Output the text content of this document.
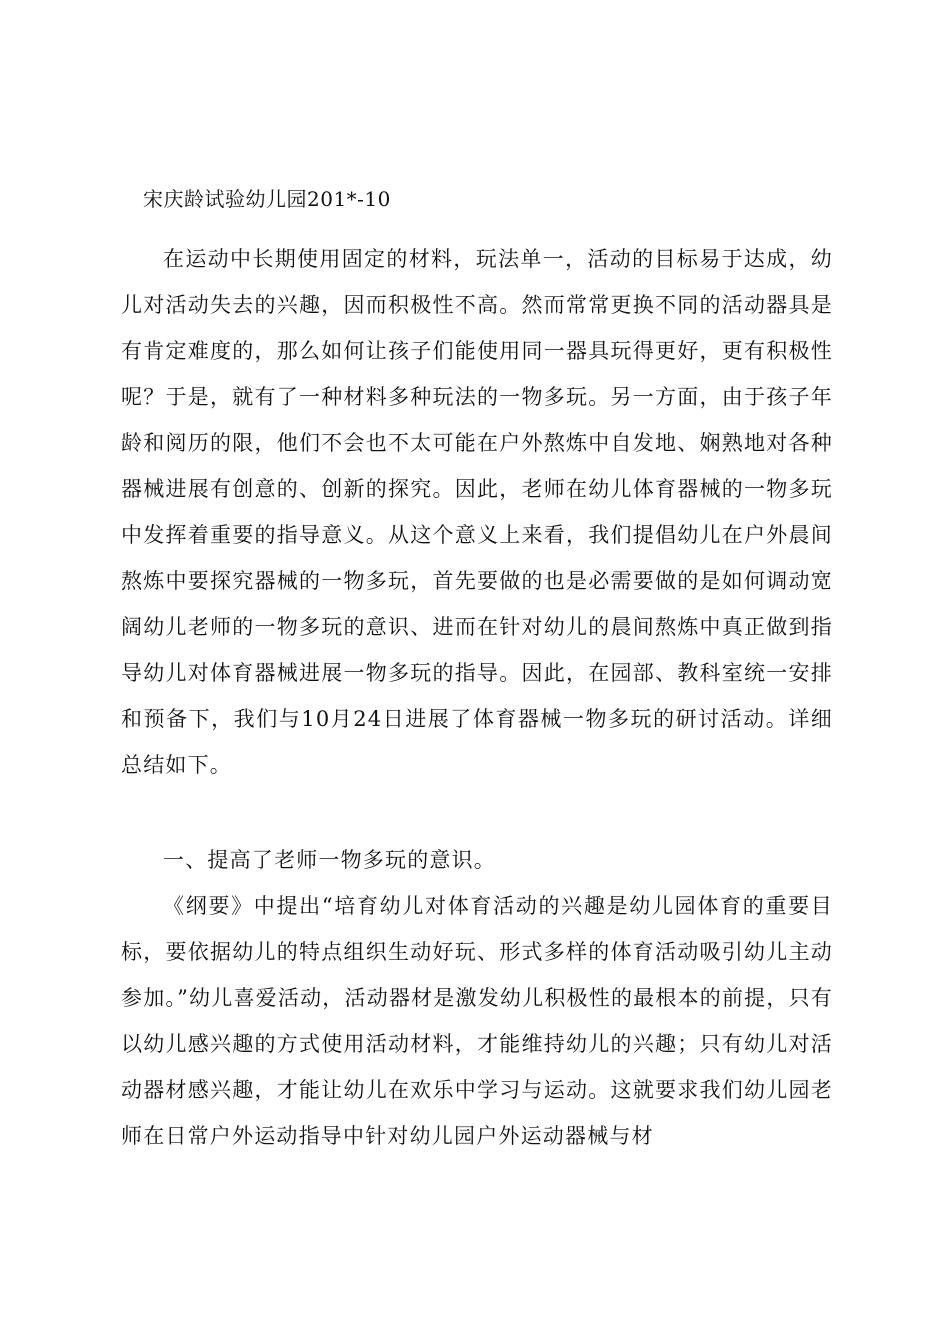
宋庆龄试验幼儿园201*-10

在运动中长期使用固定的材料，玩法单一，活动的目标易于达成，幼儿对活动失去的兴趣，因而积极性不高。然而常常更换不同的活动器具是有肯定难度的，那么如何让孩子们能使用同一器具玩得更好，更有积极性呢？于是，就有了一种材料多种玩法的一物多玩。另一方面，由于孩子年龄和阅历的限，他们不会也不太可能在户外熬炼中自发地、娴熟地对各种器械进展有创意的、创新的探究。因此，老师在幼儿体育器械的一物多玩中发挥着重要的指导意义。从这个意义上来看，我们提倡幼儿在户外晨间熬炼中要探究器械的一物多玩，首先要做的也是必需要做的是如何调动宽阔幼儿老师的一物多玩的意识、进而在针对幼儿的晨间熬炼中真正做到指导幼儿对体育器械进展一物多玩的指导。因此，在园部、教科室统一安排和预备下，我们与10月24日进展了体育器械一物多玩的研讨活动。详细总结如下。

一、提高了老师一物多玩的意识。

《纲要》中提出“培育幼儿对体育活动的兴趣是幼儿园体育的重要目标，要依据幼儿的特点组织生动好玩、形式多样的体育活动吸引幼儿主动参加。”幼儿喜爱活动，活动器材是激发幼儿积极性的最根本的前提，只有以幼儿感兴趣的方式使用活动材料，才能维持幼儿的兴趣；只有幼儿对活动器材感兴趣，才能让幼儿在欢乐中学习与运动。这就要求我们幼儿园老师在日常户外运动指导中针对幼儿园户外运动器械与材
